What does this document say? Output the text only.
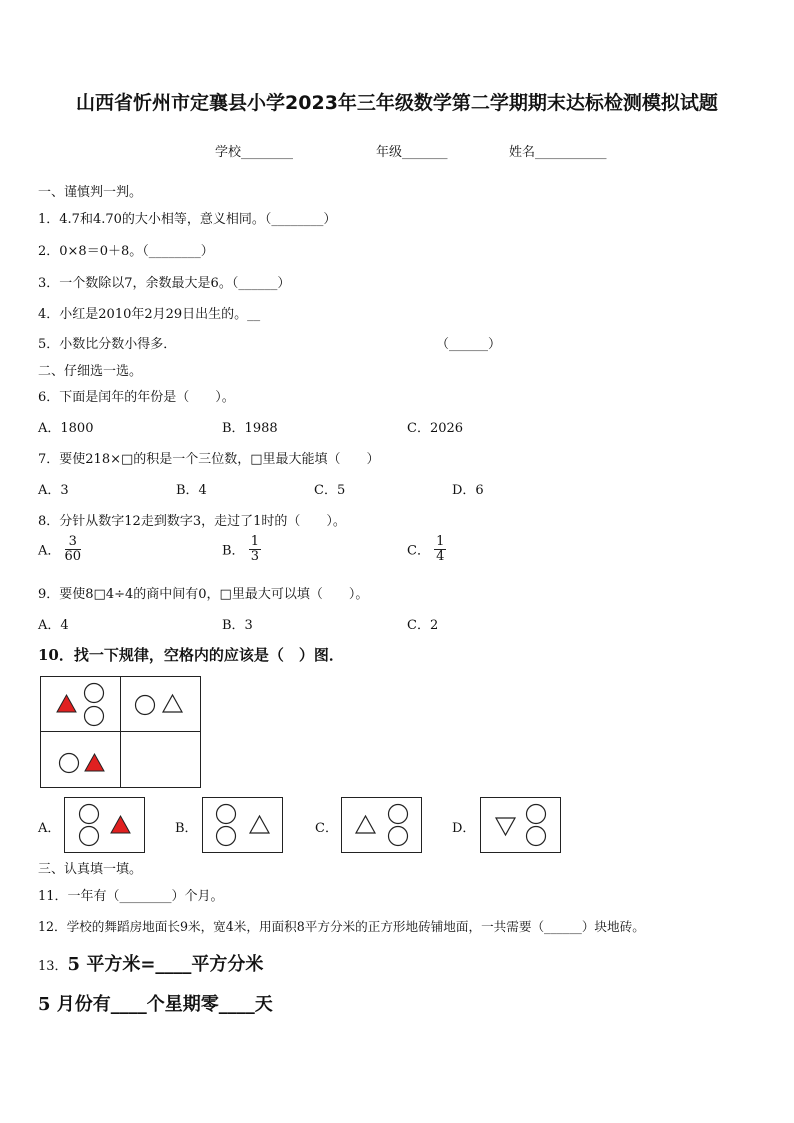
山西省忻州市定襄县小学2023年三年级数学第二学期期末达标检测模拟试题
学校________	年级_______	姓名___________
一、谨慎判一判。
1．4.7和4.70的大小相等，意义相同。（________）
2．0×8＝0＋8。（________）
3．一个数除以7，余数最大是6。（______）
4．小红是2010年2月29日出生的。__
5．小数比分数小得多．	（______）
二、仔细选一选。
6．下面是闰年的年份是（　　）。
A．1800	B．1988	C．2026
7．要使218×□的积是一个三位数，□里最大能填（　　）
A．3	B．4	C．5	D．6
8．分针从数字12走到数字3，走过了1时的（　　）。
A． $\frac{3}{60}$	B． $\frac{1}{3}$	C． $\frac{1}{4}$
9．要使8□4÷4的商中间有0，□里最大可以填（　　）。
A．4	B．3	C．2
10．找一下规律，空格内的应该是（　）图．
A．	B．	C．	D．
三、认真填一填。
11．一年有（________）个月。
12．学校的舞蹈房地面长9米，宽4米，用面积8平方分米的正方形地砖铺地面，一共需要（______）块地砖。
13．5 平方米=____平方分米
5 月份有____个星期零____天
